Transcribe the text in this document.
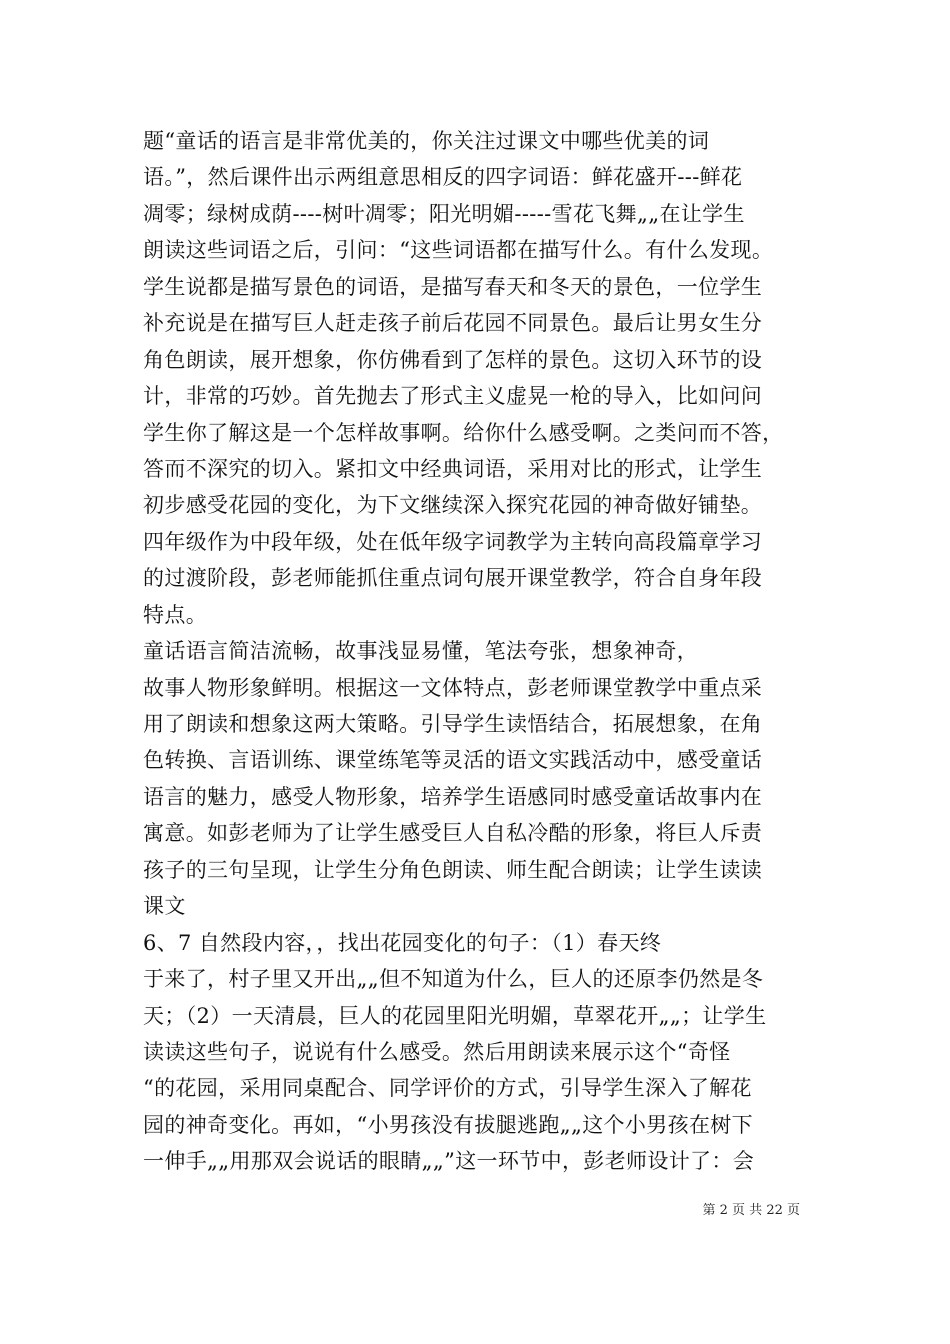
题“童话的语言是非常优美的，你关注过课文中哪些优美的词
语。”，然后课件出示两组意思相反的四字词语：鲜花盛开---鲜花
凋零；绿树成荫----树叶凋零；阳光明媚-----雪花飞舞„„在让学生
朗读这些词语之后，引问：“这些词语都在描写什么。有什么发现。
学生说都是描写景色的词语，是描写春天和冬天的景色，一位学生
补充说是在描写巨人赶走孩子前后花园不同景色。最后让男女生分
角色朗读，展开想象，你仿佛看到了怎样的景色。这切入环节的设
计，非常的巧妙。首先抛去了形式主义虚晃一枪的导入，比如问问
学生你了解这是一个怎样故事啊。给你什么感受啊。之类问而不答，
答而不深究的切入。紧扣文中经典词语，采用对比的形式，让学生
初步感受花园的变化，为下文继续深入探究花园的神奇做好铺垫。
四年级作为中段年级，处在低年级字词教学为主转向高段篇章学习
的过渡阶段，彭老师能抓住重点词句展开课堂教学，符合自身年段
特点。
童话语言简洁流畅，故事浅显易懂，笔法夸张，想象神奇，
故事人物形象鲜明。根据这一文体特点，彭老师课堂教学中重点采
用了朗读和想象这两大策略。引导学生读悟结合，拓展想象，在角
色转换、言语训练、课堂练笔等灵活的语文实践活动中，感受童话
语言的魅力，感受人物形象，培养学生语感同时感受童话故事内在
寓意。如彭老师为了让学生感受巨人自私冷酷的形象，将巨人斥责
孩子的三句呈现，让学生分角色朗读、师生配合朗读；让学生读读
课文
6、7 自然段内容，，找出花园变化的句子：（1）春天终
于来了，村子里又开出„„但不知道为什么，巨人的还原李仍然是冬
天；（2）一天清晨，巨人的花园里阳光明媚，草翠花开„„；让学生
读读这些句子，说说有什么感受。然后用朗读来展示这个“奇怪
“的花园，采用同桌配合、同学评价的方式，引导学生深入了解花
园的神奇变化。再如，“小男孩没有拔腿逃跑„„这个小男孩在树下
一伸手„„用那双会说话的眼睛„„”这一环节中，彭老师设计了：会
第 2 页 共 22 页
